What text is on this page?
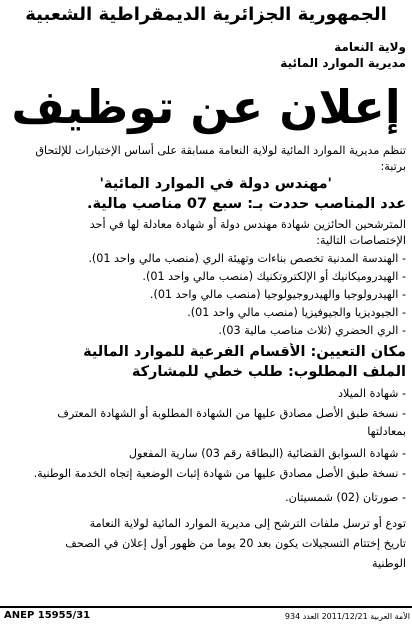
الجمهورية الجزائرية الديمقراطية الشعبية
ولاية النعامة
مديرية الموارد المائية
إعلان عن توظيف
تنظم مديرية الموارد المائية لولاية النعامة مسابقة على أساس الإختبارات للإلتحاق
برتبة:
'مهندس دولة في الموارد المائية'
عدد المناصب حددت بـ: سبع 07 مناصب مالية.
المترشحين الحائزين شهادة مهندس دولة أو شهادة معادلة لها في أحد
الإختصاصات التالية:
- الهندسة المدنية تخصص بناءات وتهيئة الري (منصب مالي واحد 01).
- الهيدروميكانيك أو الإلكتروتكنيك (منصب مالي واحد 01).
- الهيدرولوجيا والهيدروجيولوجيا (منصب مالي واحد 01).
- الجيوديزيا والجيوفيزيا (منصب مالي واحد 01).
- الري الحضري (ثلاث مناصب مالية 03).
مكان التعيين: الأقسام الفرعية للموارد المالية
الملف المطلوب: طلب خطي للمشاركة
- شهادة الميلاد
- نسخة طبق الأصل مصادق عليها من الشهادة المطلوبة أو الشهادة المعترف
بمعادلتها
- شهادة السوابق القضائية (البطاقة رقم 03) سارية المفعول
- نسخة طبق الأصل مصادق عليها من شهادة إثبات الوضعية إتجاه الخدمة الوطنية.
- صورتان (02) شمسيتان.
تودع أو ترسل ملفات الترشح إلى مديرية الموارد المائية لولاية النعامة
تاريخ إختتام التسجيلات يكون بعد 20 يوما من ظهور أول إعلان في الصحف
الوطنية
ANEP 15955/31	الأمة العربية 2011/12/21 العدد 934
